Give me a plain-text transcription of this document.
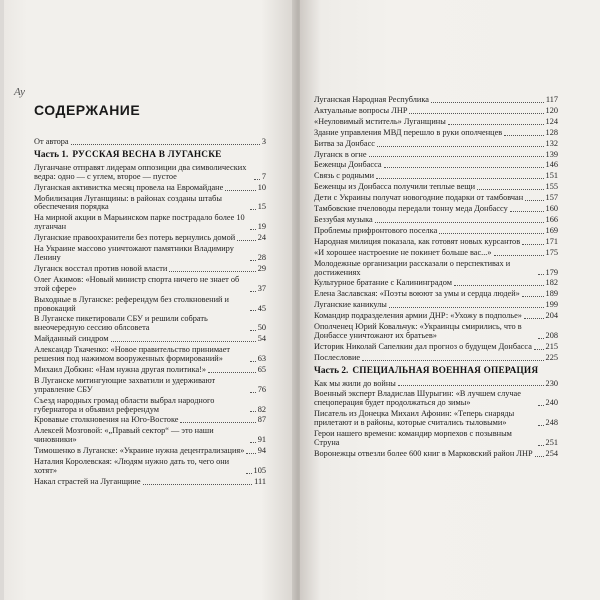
Ay
СОДЕРЖАНИЕ
От автора	3
Часть 1. РУССКАЯ ВЕСНА В ЛУГАНСКЕ
Луганчане отправят лидерам оппозиции два символических ведра: одно — с углем, второе — пустое	7
Луганская активистка месяц провела на Евромайдане	10
Мобилизация Луганщины: в районах созданы штабы обеспечения порядка	15
На мирной акции в Марьинском парке пострадало более 10 луганчан	19
Луганские правоохранители без потерь вернулись домой	24
На Украине массово уничтожают памятники Владимиру Ленину	28
Луганск восстал против новой власти	29
Олег Акимов: «Новый министр спорта ничего не знает об этой сфере»	37
Выходные в Луганске: референдум без столкновений и провокаций	45
В Луганске пикетировали СБУ и решили собрать внеочередную сессию облсовета	50
Майданный синдром	54
Александр Ткаченко: «Новое правительство принимает решения под нажимом вооруженных формирований»	63
Михаил Добкин: «Нам нужна другая политика!»	65
В Луганске митингующие захватили и удерживают управление СБУ	76
Съезд народных громад области выбрал народного губернатора и объявил референдум	82
Кровавые столкновения на Юго-Востоке	87
Алексей Мозговой: «„Правый сектор“ — это наши чиновники»	91
Тимошенко в Луганске: «Украине нужна децентрализация» 94
Наталия Королевская: «Людям нужно дать то, чего они хотят»	105
Накал страстей на Луганщине	111
Луганская Народная Республика	117
Актуальные вопросы ЛНР	120
«Неуловимый мститель» Луганщины	124
Здание управления МВД перешло в руки ополченцев	128
Битва за Донбасс	132
Луганск в огне	139
Беженцы Донбасса	146
Связь с родными	151
Беженцы из Донбасса получили теплые вещи	155
Дети с Украины получат новогодние подарки от тамбовчан	157
Тамбовские пчеловоды передали тонну меда Донбассу	160
Беззубая музыка	166
Проблемы прифронтового поселка	169
Народная милиция показала, как готовят новых курсантов	171
«И хорошее настроение не покинет больше вас...»	175
Молодежные организации рассказали о перспективах и достижениях	179
Культурное братание с Калининградом	182
Елена Заславская: «Поэты воюют за умы и сердца людей»	189
Луганские каникулы	199
Командир подразделения армии ДНР: «Ухожу в подполье»	204
Ополченец Юрий Ковальчук: «Украинцы смирились, что в Донбассе уничтожают их братьев»	208
Историк Николай Сапелкин дал прогноз о будущем Донбасса 215
Послесловие	225
Часть 2. СПЕЦИАЛЬНАЯ ВОЕННАЯ ОПЕРАЦИЯ
Как мы жили до войны	230
Военный эксперт Владислав Шурыгин: «В лучшем случае спецоперация будет продолжаться до зимы»	240
Писатель из Донецка Михаил Афонин: «Теперь снаряды прилетают и в районы, которые считались тыловыми»	248
Герои нашего времени: командир морпехов с позывным Струна	251
Воронежцы отвезли более 600 книг в Марковский район ЛНР 254
